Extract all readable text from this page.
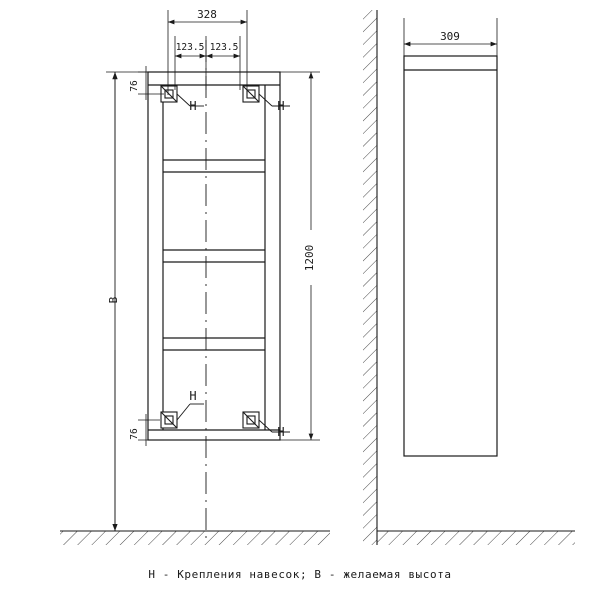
328
123.5 123.5
76
76
1200
B
309
H	H
H
H
H - Крепления навесок; B - желаемая высота
